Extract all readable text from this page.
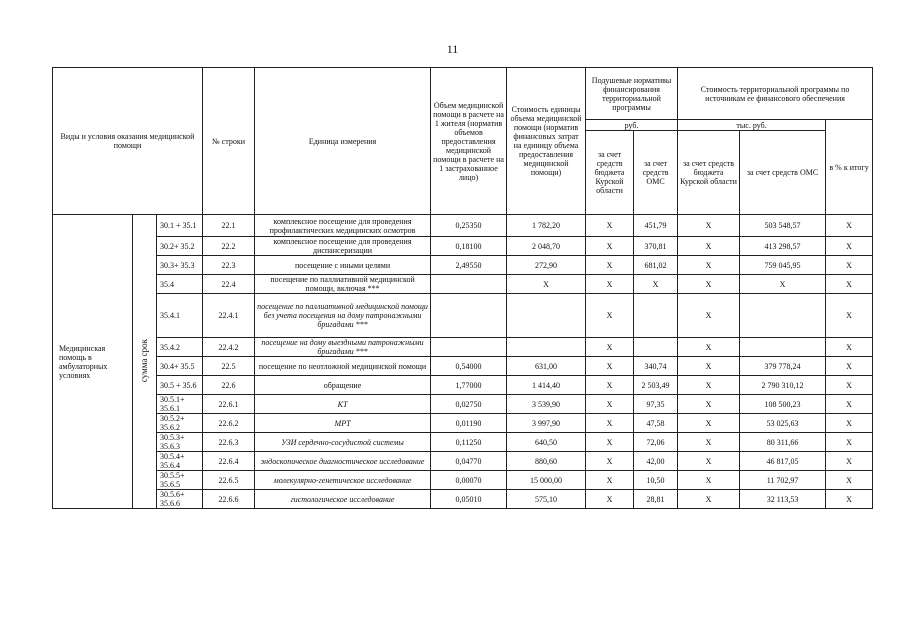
11
Виды и условия оказания медицинской помощи			№ строки	Единица измерения	Объем медицинской помощи в расчете на 1 жителя (норматив объемов предоставления медицинской помощи в расчете на 1 застрахованное лицо)	Стоимость единицы объема медицинской помощи (норматив финансовых затрат на единицу объема предоставления медицинской помощи)	Подушевые нормативы финансирования территориальной программы		Стоимость территориальной программы по источникам ее финансового обеспечения		
							руб.		тыс. руб.		в % к итогу
							за счет средств бюджета Курской области	за счет средств ОМС	за счет средств бюджета Курской области	за счет средств ОМС	
Медицинская помощь в амбулаторных условиях	сумма срок	30.1 + 35.1	22.1	комплексное посещение для проведения профилактических медицинских осмотров	0,25350	1 782,20	X	451,79	X	503 548,57	X
		30.2+ 35.2	22.2	комплексное посещение для проведения диспансеризации	0,18100	2 048,70	X	370,81	X	413 298,57	X
		30.3+ 35.3	22.3	посещение с иными целями	2,49550	272,90	X	681,02	X	759 045,95	X
		35.4	22.4	посещение по паллиативной медицинской помощи, включая ***		X	X	X	X	X	X
		35.4.1	22.4.1	посещение по паллиативной медицинской помощи без учета посещения на дому патронажными бригадами ***			X		X		X
		35.4.2	22.4.2	посещение на дому выездными патронажными бригадами ***			X		X		X
		30.4+ 35.5	22.5	посещение по неотложной медицинской помощи	0,54000	631,00	X	340,74	X	379 778,24	X
		30.5 + 35.6	22.6	обращение	1,77000	1 414,40	X	2 503,49	X	2 790 310,12	X
		30.5.1+ 35.6.1	22.6.1	КТ	0,02750	3 539,90	X	97,35	X	108 500,23	X
		30.5.2+ 35.6.2	22.6.2	МРТ	0,01190	3 997,90	X	47,58	X	53 025,63	X
		30.5.3+ 35.6.3	22.6.3	УЗИ сердечно-сосудистой системы	0,11250	640,50	X	72,06	X	80 311,66	X
		30.5.4+ 35.6.4	22.6.4	эндоскопическое диагностическое исследование	0,04770	880,60	X	42,00	X	46 817,05	X
		30.5.5+ 35.6.5	22.6.5	молекулярно-генетическое исследование	0,00070	15 000,00	X	10,50	X	11 702,97	X
		30.5.6+ 35.6.6	22.6.6	гистологическое исследование	0,05010	575,10	X	28,81	X	32 113,53	X
